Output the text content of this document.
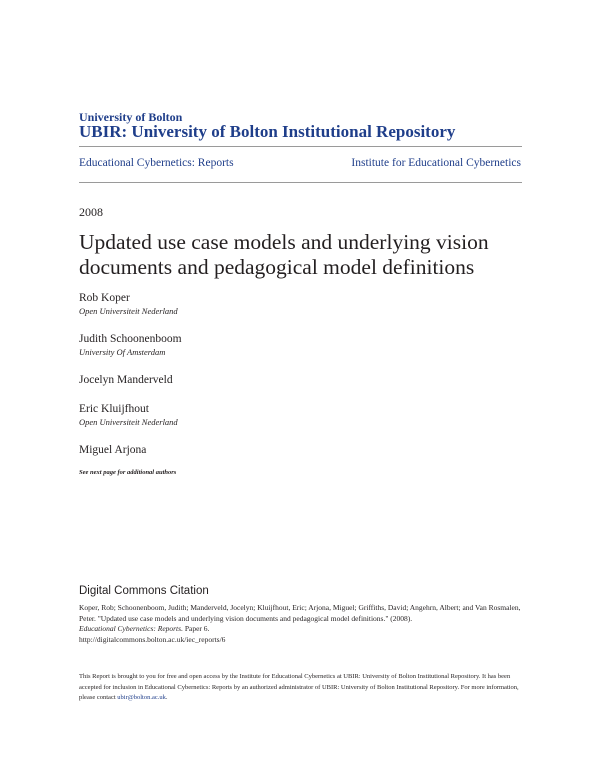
University of Bolton
UBIR: University of Bolton Institutional Repository
Educational Cybernetics: Reports	Institute for Educational Cybernetics
2008
Updated use case models and underlying vision documents and pedagogical model definitions
Rob Koper
Open Universiteit Nederland
Judith Schoonenboom
University Of Amsterdam
Jocelyn Manderveld
Eric Kluijfhout
Open Universiteit Nederland
Miguel Arjona
See next page for additional authors
Digital Commons Citation
Koper, Rob; Schoonenboom, Judith; Manderveld, Jocelyn; Kluijfhout, Eric; Arjona, Miguel; Griffiths, David; Angehrn, Albert; and Van Rosmalen, Peter. "Updated use case models and underlying vision documents and pedagogical model definitions." (2008).
Educational Cybernetics: Reports. Paper 6.
http://digitalcommons.bolton.ac.uk/iec_reports/6
This Report is brought to you for free and open access by the Institute for Educational Cybernetics at UBIR: University of Bolton Institutional Repository. It has been accepted for inclusion in Educational Cybernetics: Reports by an authorized administrator of UBIR: University of Bolton Institutional Repository. For more information, please contact ubir@bolton.ac.uk.
